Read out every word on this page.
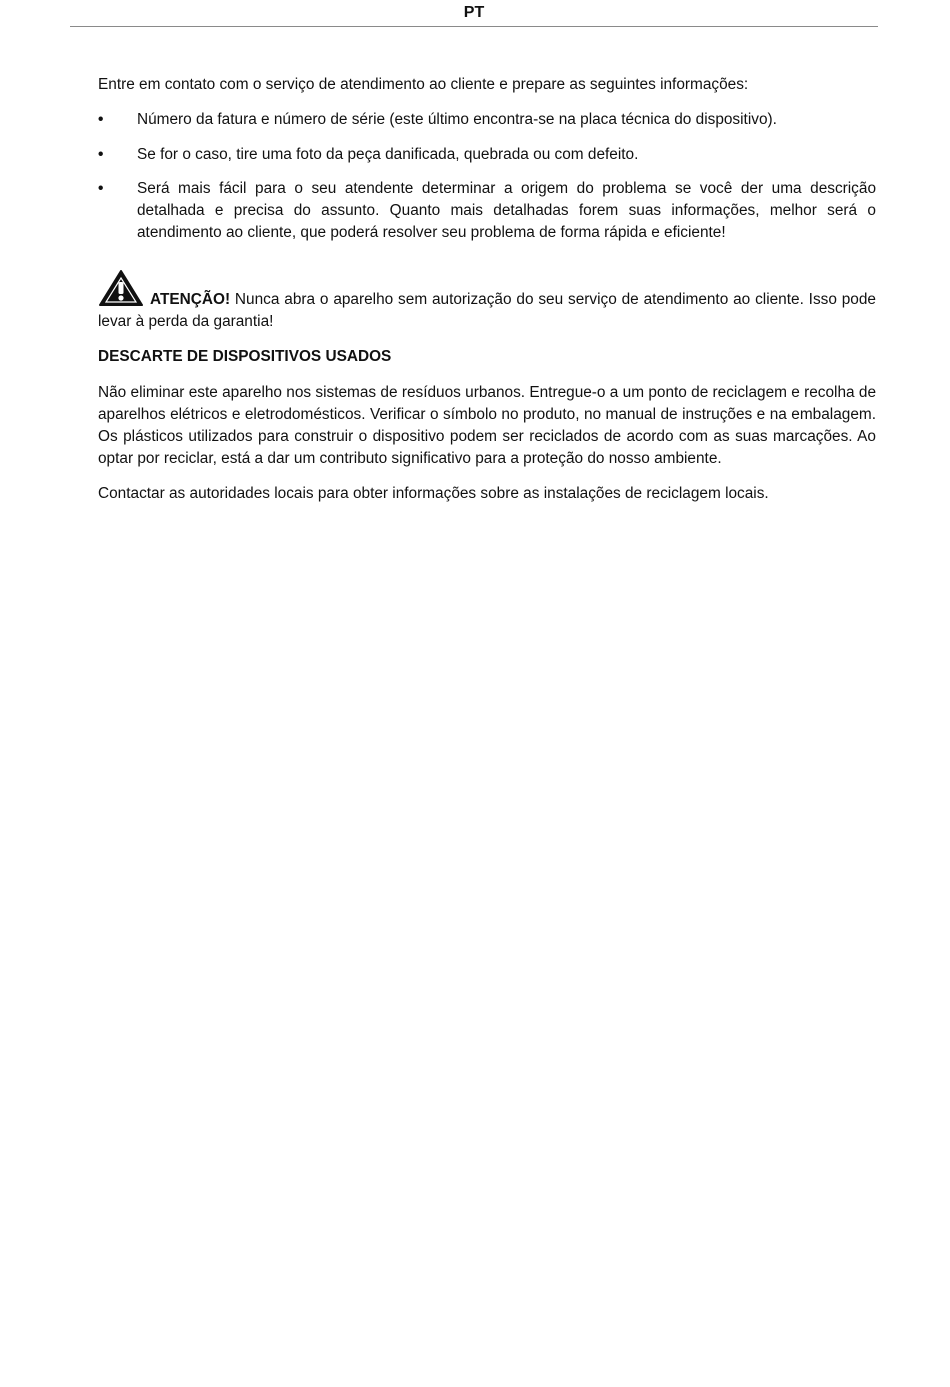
PT

Entre em contato com o serviço de atendimento ao cliente e prepare as seguintes informações:

• Número da fatura e número de série (este último encontra-se na placa técnica do dispositivo).
• Se for o caso, tire uma foto da peça danificada, quebrada ou com defeito.
• Será mais fácil para o seu atendente determinar a origem do problema se você der uma descrição detalhada e precisa do assunto. Quanto mais detalhadas forem suas informações, melhor será o atendimento ao cliente, que poderá resolver seu problema de forma rápida e eficiente!

ATENÇÃO! Nunca abra o aparelho sem autorização do seu serviço de atendimento ao cliente. Isso pode levar à perda da garantia!

DESCARTE DE DISPOSITIVOS USADOS

Não eliminar este aparelho nos sistemas de resíduos urbanos. Entregue-o a um ponto de reciclagem e recolha de aparelhos elétricos e eletrodomésticos. Verificar o símbolo no produto, no manual de instruções e na embalagem. Os plásticos utilizados para construir o dispositivo podem ser reciclados de acordo com as suas marcações. Ao optar por reciclar, está a dar um contributo significativo para a proteção do nosso ambiente.

Contactar as autoridades locais para obter informações sobre as instalações de reciclagem locais.
